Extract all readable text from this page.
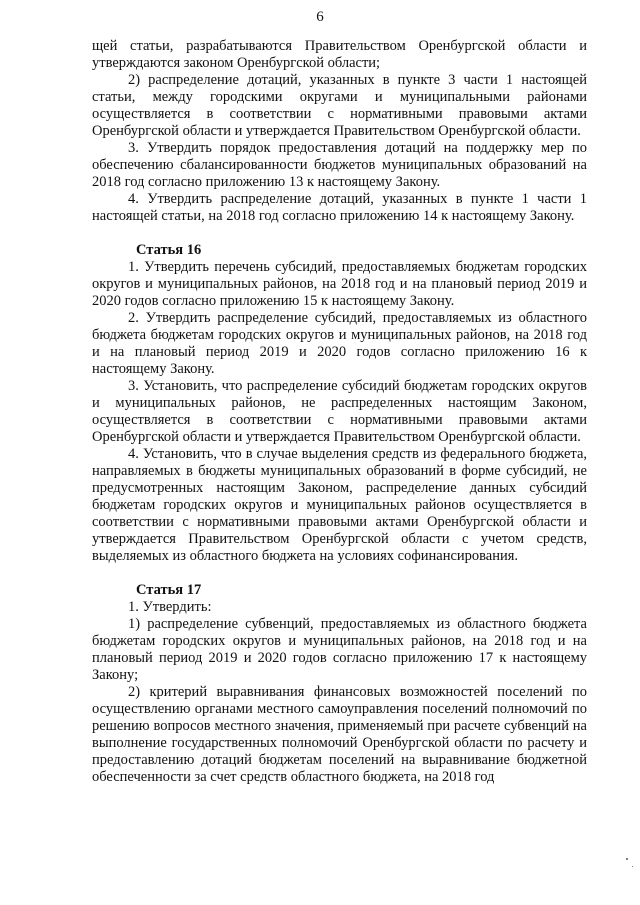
6

щей статьи, разрабатываются Правительством Оренбургской области и утверждаются законом Оренбургской области;

2) распределение дотаций, указанных в пункте 3 части 1 настоящей статьи, между городскими округами и муниципальными районами осуществляется в соответствии с нормативными правовыми актами Оренбургской области и утверждается Правительством Оренбургской области.

3. Утвердить порядок предоставления дотаций на поддержку мер по обеспечению сбалансированности бюджетов муниципальных образований на 2018 год согласно приложению 13 к настоящему Закону.

4. Утвердить распределение дотаций, указанных в пункте 1 части 1 настоящей статьи, на 2018 год согласно приложению 14 к настоящему Закону.

Статья 16

1. Утвердить перечень субсидий, предоставляемых бюджетам городских округов и муниципальных районов, на 2018 год и на плановый период 2019 и 2020 годов согласно приложению 15 к настоящему Закону.

2. Утвердить распределение субсидий, предоставляемых из областного бюджета бюджетам городских округов и муниципальных районов, на 2018 год и на плановый период 2019 и 2020 годов согласно приложению 16 к настоящему Закону.

3. Установить, что распределение субсидий бюджетам городских округов и муниципальных районов, не распределенных настоящим Законом, осуществляется в соответствии с нормативными правовыми актами Оренбургской области и утверждается Правительством Оренбургской области.

4. Установить, что в случае выделения средств из федерального бюджета, направляемых в бюджеты муниципальных образований в форме субсидий, не предусмотренных настоящим Законом, распределение данных субсидий бюджетам городских округов и муниципальных районов осуществляется в соответствии с нормативными правовыми актами Оренбургской области и утверждается Правительством Оренбургской области с учетом средств, выделяемых из областного бюджета на условиях софинансирования.

Статья 17

1. Утвердить:

1) распределение субвенций, предоставляемых из областного бюджета бюджетам городских округов и муниципальных районов, на 2018 год и на плановый период 2019 и 2020 годов согласно приложению 17 к настоящему Закону;

2) критерий выравнивания финансовых возможностей поселений по осуществлению органами местного самоуправления поселений полномочий по решению вопросов местного значения, применяемый при расчете субвенций на выполнение государственных полномочий Оренбургской области по расчету и предоставлению дотаций бюджетам поселений на выравнивание бюджетной обеспеченности за счет средств областного бюджета, на 2018 год
